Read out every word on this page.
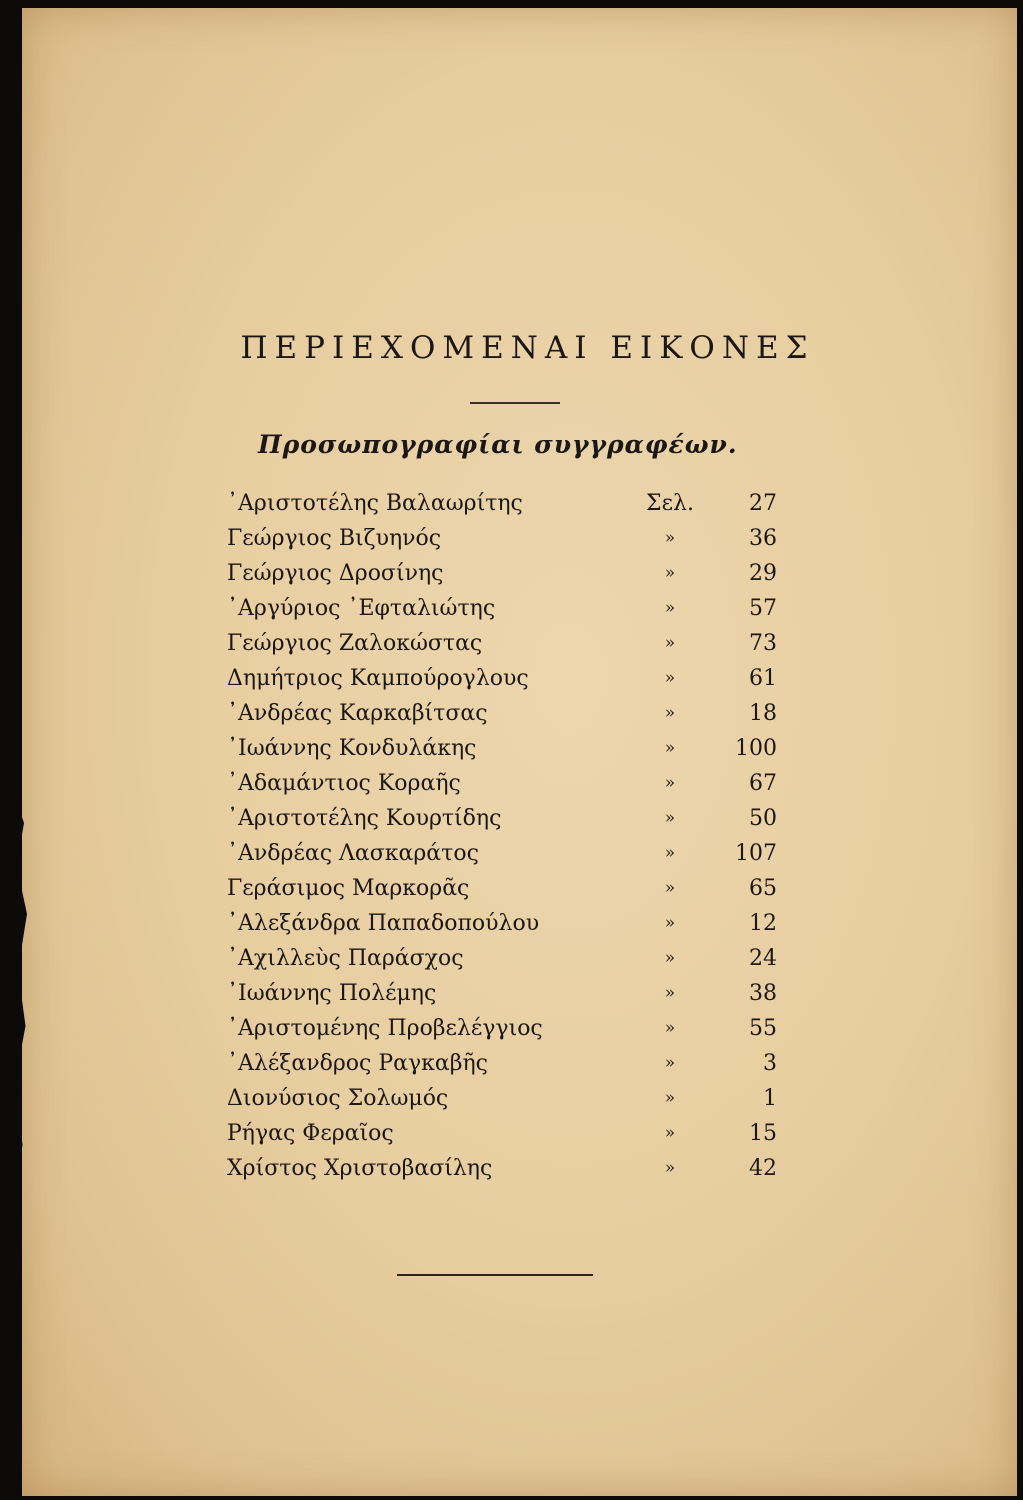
ΠΕΡΙΕΧΟΜΕΝΑΙ ΕΙΚΟΝΕΣ
Προσωπογραφίαι συγγραφέων.
᾿Αριστοτέλης Βαλαωρίτης	Σελ.	27
Γεώργιος Βιζυηνός	»	36
Γεώργιος Δροσίνης	»	29
᾿Αργύριος ᾿Εφταλιώτης	»	57
Γεώργιος Ζαλοκώστας	»	73
Δημήτριος Καμπούρογλους	»	61
᾿Ανδρέας Καρκαβίτσας	»	18
᾿Ιωάννης Κονδυλάκης	»	100
᾿Αδαμάντιος Κοραῆς	»	67
᾿Αριστοτέλης Κουρτίδης	»	50
᾿Ανδρέας Λασκαράτος	»	107
Γεράσιμος Μαρκορᾶς	»	65
᾿Αλεξάνδρα Παπαδοπούλου	»	12
᾿Αχιλλεὺς Παράσχος	»	24
᾿Ιωάννης Πολέμης	»	38
᾿Αριστομένης Προβελέγγιος	»	55
᾿Αλέξανδρος Ραγκαβῆς	»	3
Διονύσιος Σολωμός	»	1
Ρήγας Φεραῖος	»	15
Χρίστος Χριστοβασίλης	»	42
